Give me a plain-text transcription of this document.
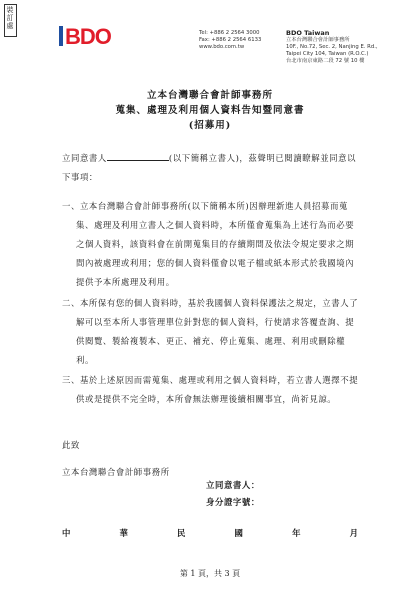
裝訂處 BDO	Tel: +886 2 2564 3000
Fax: +886 2 2564 6133
www.bdo.com.tw
BDO Taiwan
立本台灣聯合會計師事務所
10F., No.72, Sec. 2, Nanjing E. Rd.,
Taipei City 104, Taiwan (R.O.C.)
台北市南京東路二段 72 號 10 樓
立本台灣聯合會計師事務所
蒐集、處理及利用個人資料告知暨同意書
(招募用)
立同意書人	(以下簡稱立書人)，茲聲明已閱讀瞭解並同意以下事項：
一、立本台灣聯合會計師事務所(以下簡稱本所)因辦理新進人員招募而蒐集、處理及利用立書人之個人資料時，本所僅會蒐集為上述行為而必要之個人資料，該資料會在前開蒐集目的存續期間及依法令規定要求之期間內被處理或利用；您的個人資料僅會以電子檔或紙本形式於我國境內提供予本所處理及利用。
二、本所保有您的個人資料時，基於我國個人資料保護法之規定，立書人了解可以至本所人事管理單位針對您的個人資料，行使請求答覆查詢、提供閱覽、製給複製本、更正、補充、停止蒐集、處理、利用或刪除權利。
三、基於上述原因而需蒐集、處理或利用之個人資料時，若立書人選擇不提供或是提供不完全時，本所會無法辦理後續相關事宜，尚祈見諒。
此致
立本台灣聯合會計師事務所
立同意書人：
身分證字號：
中	華	民	國	年	月
第 1 頁，共 3 頁
